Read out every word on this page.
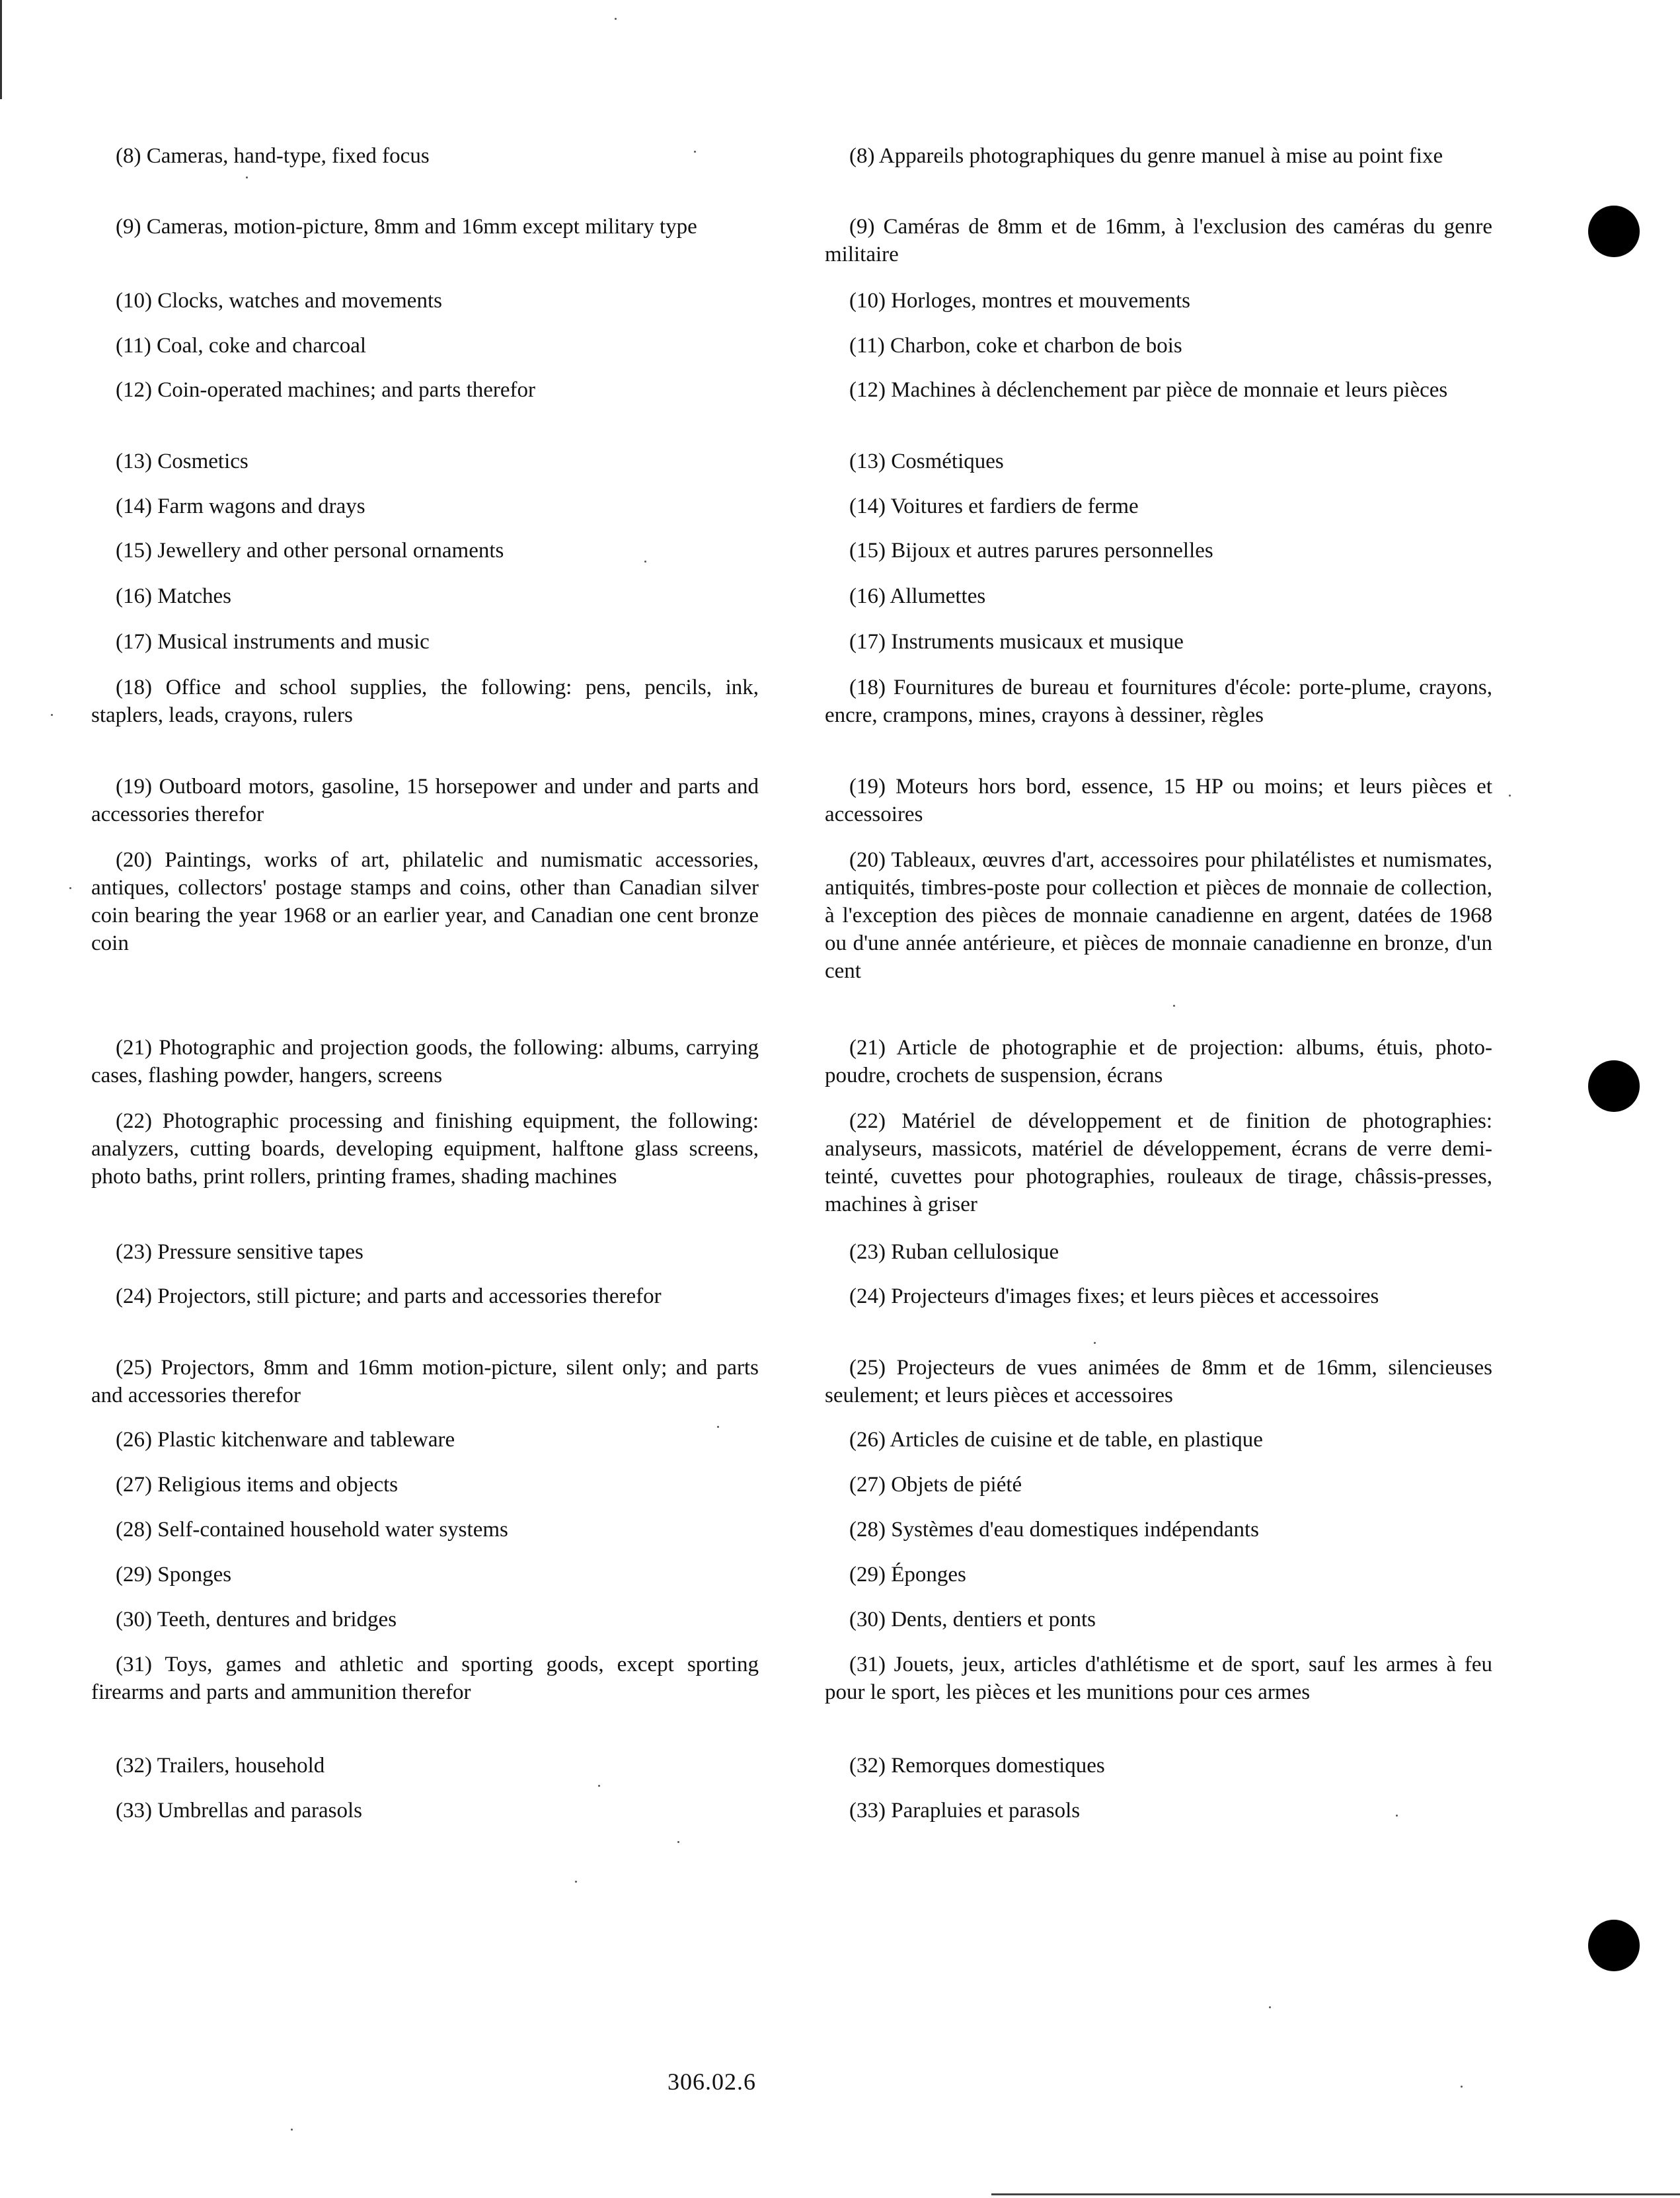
(8) Cameras, hand-type, fixed focus
(9) Cameras, motion-picture, 8mm and 16mm except military type
(10) Clocks, watches and movements
(11) Coal, coke and charcoal
(12) Coin-operated machines; and parts therefor
(13) Cosmetics
(14) Farm wagons and drays
(15) Jewellery and other personal ornaments
(16) Matches
(17) Musical instruments and music
(18) Office and school supplies, the following: pens, pencils, ink, staplers, leads, crayons, rulers
(19) Outboard motors, gasoline, 15 horsepower and under and parts and accessories therefor
(20) Paintings, works of art, philatelic and numismatic accessories, antiques, collectors' postage stamps and coins, other than Canadian silver coin bearing the year 1968 or an earlier year, and Canadian one cent bronze coin
(21) Photographic and projection goods, the following: albums, carrying cases, flashing powder, hangers, screens
(22) Photographic processing and finishing equipment, the following: analyzers, cutting boards, developing equipment, halftone glass screens, photo baths, print rollers, printing frames, shading machines
(23) Pressure sensitive tapes
(24) Projectors, still picture; and parts and accessories therefor
(25) Projectors, 8mm and 16mm motion-picture, silent only; and parts and accessories therefor
(26) Plastic kitchenware and tableware
(27) Religious items and objects
(28) Self-contained household water systems
(29) Sponges
(30) Teeth, dentures and bridges
(31) Toys, games and athletic and sporting goods, except sporting firearms and parts and ammunition therefor
(32) Trailers, household
(33) Umbrellas and parasols
(8) Appareils photographiques du genre manuel à mise au point fixe
(9) Caméras de 8mm et de 16mm, à l'exclusion des caméras du genre militaire
(10) Horloges, montres et mouvements
(11) Charbon, coke et charbon de bois
(12) Machines à déclenchement par pièce de monnaie et leurs pièces
(13) Cosmétiques
(14) Voitures et fardiers de ferme
(15) Bijoux et autres parures personnelles
(16) Allumettes
(17) Instruments musicaux et musique
(18) Fournitures de bureau et fournitures d'école: porte-plume, crayons, encre, crampons, mines, crayons à dessiner, règles
(19) Moteurs hors bord, essence, 15 HP ou moins; et leurs pièces et accessoires
(20) Tableaux, œuvres d'art, accessoires pour philatélistes et numismates, antiquités, timbres-poste pour collection et pièces de monnaie de collection, à l'exception des pièces de monnaie canadienne en argent, datées de 1968 ou d'une année antérieure, et pièces de monnaie canadienne en bronze, d'un cent
(21) Article de photographie et de projection: albums, étuis, photo-poudre, crochets de suspension, écrans
(22) Matériel de développement et de finition de photographies: analyseurs, massicots, matériel de développement, écrans de verre demi-teinté, cuvettes pour photographies, rouleaux de tirage, châssis-presses, machines à griser
(23) Ruban cellulosique
(24) Projecteurs d'images fixes; et leurs pièces et accessoires
(25) Projecteurs de vues animées de 8mm et de 16mm, silencieuses seulement; et leurs pièces et accessoires
(26) Articles de cuisine et de table, en plastique
(27) Objets de piété
(28) Systèmes d'eau domestiques indépendants
(29) Éponges
(30) Dents, dentiers et ponts
(31) Jouets, jeux, articles d'athlétisme et de sport, sauf les armes à feu pour le sport, les pièces et les munitions pour ces armes
(32) Remorques domestiques
(33) Parapluies et parasols
306.02.6
